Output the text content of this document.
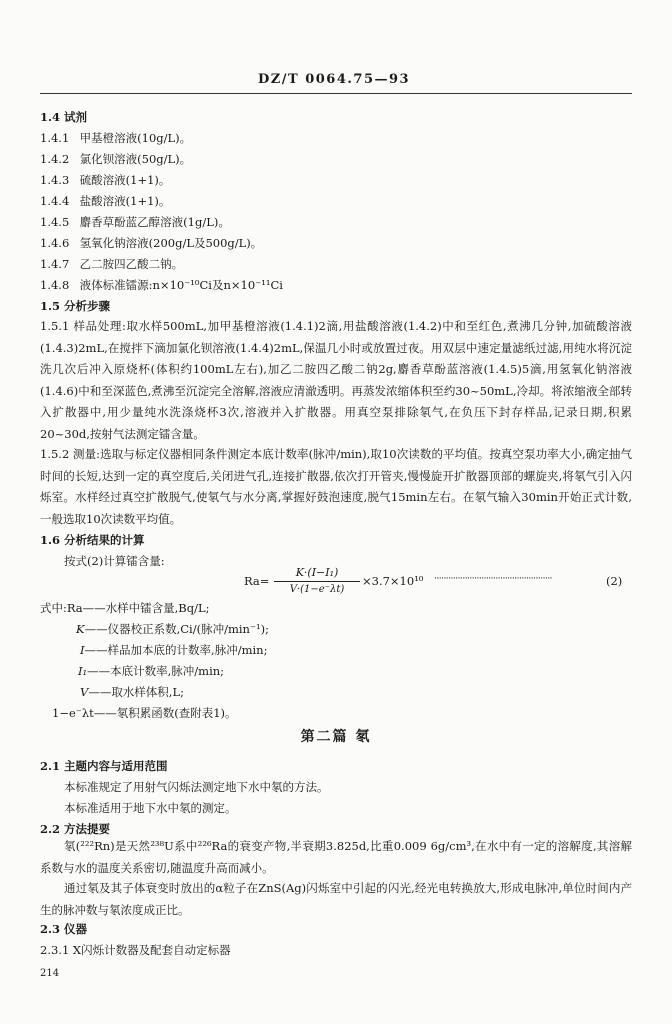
DZ/T 0064.75—93
1.4 试剂
1.4.1 甲基橙溶液(10g/L)。
1.4.2 氯化钡溶液(50g/L)。
1.4.3 硫酸溶液(1+1)。
1.4.4 盐酸溶液(1+1)。
1.4.5 麝香草酚蓝乙醇溶液(1g/L)。
1.4.6 氢氧化钠溶液(200g/L及500g/L)。
1.4.7 乙二胺四乙酸二钠。
1.4.8 液体标准镭源:n×10⁻¹⁰Ci及n×10⁻¹¹Ci
1.5 分析步骤
1.5.1 样品处理:取水样500mL,加甲基橙溶液(1.4.1)2滴,用盐酸溶液(1.4.2)中和至红色,煮沸几分钟,加硫酸溶液(1.4.3)2mL,在搅拌下滴加氯化钡溶液(1.4.4)2mL,保温几小时或放置过夜。用双层中速定量滤纸过滤,用纯水将沉淀洗几次后冲入原烧杯(体积约100mL左右),加乙二胺四乙酸二钠2g,麝香草酚蓝溶液(1.4.5)5滴,用氢氧化钠溶液(1.4.6)中和至深蓝色,煮沸至沉淀完全溶解,溶液应清澈透明。再蒸发浓缩体积至约30~50mL,冷却。将浓缩液全部转入扩散器中,用少量纯水洗涤烧杯3次,溶液并入扩散器。用真空泵排除氡气,在负压下封存样品,记录日期,积累20~30d,按射气法测定镭含量。
1.5.2 测量:选取与标定仪器相同条件测定本底计数率(脉冲/min),取10次读数的平均值。按真空泵功率大小,确定抽气时间的长短,达到一定的真空度后,关闭进气孔,连接扩散器,依次打开管夹,慢慢旋开扩散器顶部的螺旋夹,将氡气引入闪烁室。水样经过真空扩散脱气,使氡气与水分离,掌握好鼓泡速度,脱气15min左右。在氡气输入30min开始正式计数,一般选取10次读数平均值。
1.6 分析结果的计算
按式(2)计算镭含量:
Ra=
K·(I−I₁)
V·(1−e⁻λt)
×3.7×10¹⁰ ··················································	(2)
式中:Ra——水样中镭含量,Bq/L;
K——仪器校正系数,Ci/(脉冲/min⁻¹);
I——样品加本底的计数率,脉冲/min;
I₁——本底计数率,脉冲/min;
V——取水样体积,L;
1−e⁻λt——氡积累函数(查附表1)。
第二篇 氡
2.1 主题内容与适用范围
本标准规定了用射气闪烁法测定地下水中氡的方法。
本标准适用于地下水中氡的测定。
2.2 方法提要
氡(²²²Rn)是天然²³⁸U系中²²⁶Ra的衰变产物,半衰期3.825d,比重0.009 6g/cm³,在水中有一定的溶解度,其溶解系数与水的温度关系密切,随温度升高而减小。
通过氡及其子体衰变时放出的α粒子在ZnS(Ag)闪烁室中引起的闪光,经光电转换放大,形成电脉冲,单位时间内产生的脉冲数与氡浓度成正比。
2.3 仪器
2.3.1 X闪烁计数器及配套自动定标器
214
